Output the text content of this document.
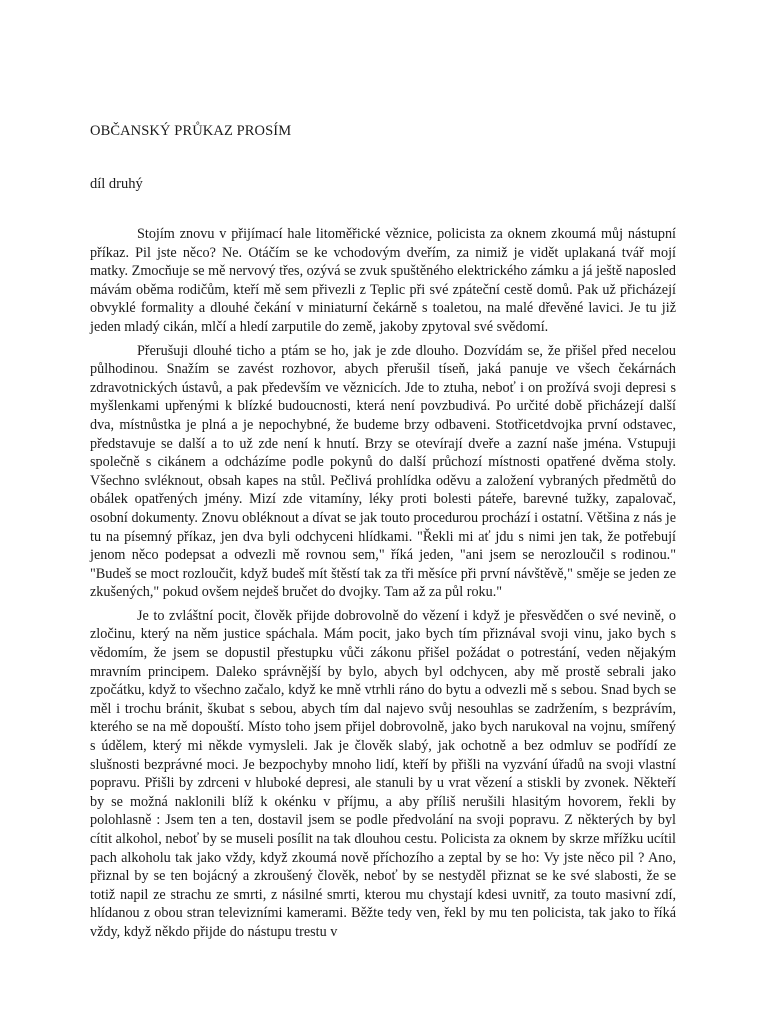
OBČANSKÝ PRŮKAZ PROSÍM
díl druhý

Stojím znovu v přijímací hale litoměřické věznice, policista za oknem zkoumá můj nástupní příkaz. Pil jste něco? Ne. Otáčím se ke vchodovým dveřím, za nimiž je vidět uplakaná tvář mojí matky. Zmocňuje se mě nervový třes, ozývá se zvuk spuštěného elektrického zámku a já ještě naposled mávám oběma rodičům, kteří mě sem přivezli z Teplic při své zpáteční cestě domů. Pak už přicházejí obvyklé formality a dlouhé čekání v miniaturní čekárně s toaletou, na malé dřevěné lavici. Je tu již jeden mladý cikán, mlčí a hledí zarputile do země, jakoby zpytoval své svědomí.

Přerušuji dlouhé ticho a ptám se ho, jak je zde dlouho. Dozvídám se, že přišel před necelou půlhodinou. Snažím se zavést rozhovor, abych přerušil tíseň, jaká panuje ve všech čekárnách zdravotnických ústavů, a pak především ve věznicích. Jde to ztuha, neboť i on prožívá svoji depresi s myšlenkami upřenými k blízké budoucnosti, která není povzbudivá. Po určité době přicházejí další dva, místnůstka je plná a je nepochybné, že budeme brzy odbaveni. Stotřicetdvojka první odstavec, představuje se další a to už zde není k hnutí. Brzy se otevírají dveře a zazní naše jména. Vstupuji společně s cikánem a odcházíme podle pokynů do další průchozí místnosti opatřené dvěma stoly. Všechno svléknout, obsah kapes na stůl. Pečlivá prohlídka oděvu a založení vybraných předmětů do obálek opatřených jmény. Mizí zde vitamíny, léky proti bolesti páteře, barevné tužky, zapalovač, osobní dokumenty. Znovu obléknout a dívat se jak touto procedurou prochází i ostatní. Většina z nás je tu na písemný příkaz, jen dva byli odchyceni hlídkami. "Řekli mi ať jdu s nimi jen tak, že potřebují jenom něco podepsat a odvezli mě rovnou sem," říká jeden, "ani jsem se nerozloučil s rodinou." "Budeš se moct rozloučit, když budeš mít štěstí tak za tři měsíce při první návštěvě," směje se jeden ze zkušených," pokud ovšem nejdeš bručet do dvojky. Tam až za půl roku."

Je to zvláštní pocit, člověk přijde dobrovolně do vězení i když je přesvědčen o své nevině, o zločinu, který na něm justice spáchala. Mám pocit, jako bych tím přiznával svoji vinu, jako bych s vědomím, že jsem se dopustil přestupku vůči zákonu přišel požádat o potrestání, veden nějakým mravním principem. Daleko správnější by bylo, abych byl odchycen, aby mě prostě sebrali jako zpočátku, když to všechno začalo, když ke mně vtrhli ráno do bytu a odvezli mě s sebou. Snad bych se měl i trochu bránit, škubat s sebou, abych tím dal najevo svůj nesouhlas se zadržením, s bezprávím, kterého se na mě dopouští. Místo toho jsem přijel dobrovolně, jako bych narukoval na vojnu, smířený s údělem, který mi někde vymysleli. Jak je člověk slabý, jak ochotně a bez odmluv se podřídí ze slušnosti bezprávné moci. Je bezpochyby mnoho lidí, kteří by přišli na vyzvání úřadů na svoji vlastní popravu. Přišli by zdrceni v hluboké depresi, ale stanuli by u vrat vězení a stiskli by zvonek. Někteří by se možná naklonili blíž k okénku v příjmu, a aby příliš nerušili hlasitým hovorem, řekli by polohlasně : Jsem ten a ten, dostavil jsem se podle předvolání na svoji popravu. Z některých by byl cítit alkohol, neboť by se museli posílit na tak dlouhou cestu. Policista za oknem by skrze mřížku ucítil pach alkoholu tak jako vždy, když zkoumá nově příchozího a zeptal by se ho: Vy jste něco pil ? Ano, přiznal by se ten bojácný a zkroušený člověk, neboť by se nestyděl přiznat se ke své slabosti, že se totiž napil ze strachu ze smrti, z násilné smrti, kterou mu chystají kdesi uvnitř, za touto masivní zdí, hlídanou z obou stran televizními kamerami. Běžte tedy ven, řekl by mu ten policista, tak jako to říká vždy, když někdo přijde do nástupu trestu v
